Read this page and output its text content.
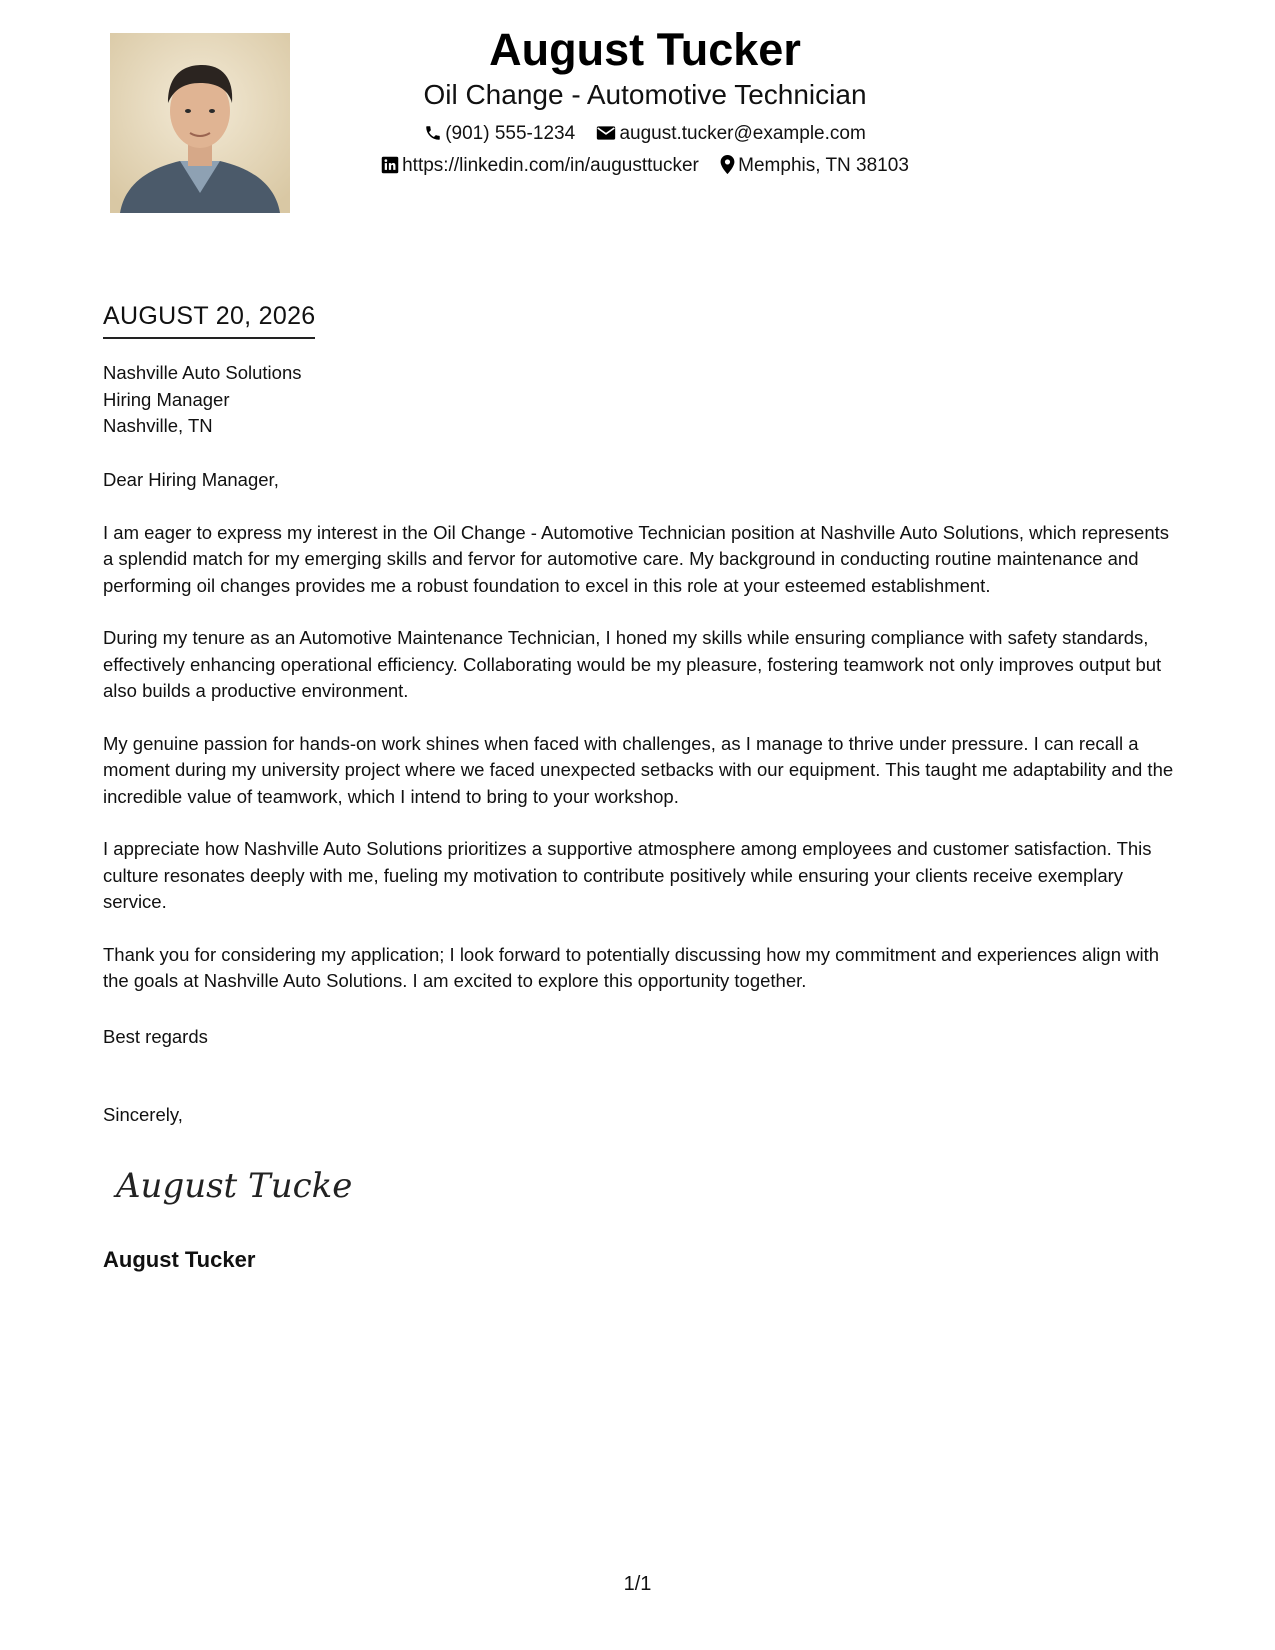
August Tucker
Oil Change - Automotive Technician
(901) 555-1234 august.tucker@example.com
https://linkedin.com/in/augusttucker Memphis, TN 38103
AUGUST 20, 2026
Nashville Auto Solutions
Hiring Manager
Nashville, TN

Dear Hiring Manager,

I am eager to express my interest in the Oil Change - Automotive Technician position at Nashville Auto Solutions, which represents a splendid match for my emerging skills and fervor for automotive care. My background in conducting routine maintenance and performing oil changes provides me a robust foundation to excel in this role at your esteemed establishment.

During my tenure as an Automotive Maintenance Technician, I honed my skills while ensuring compliance with safety standards, effectively enhancing operational efficiency. Collaborating would be my pleasure, fostering teamwork not only improves output but also builds a productive environment.

My genuine passion for hands-on work shines when faced with challenges, as I manage to thrive under pressure. I can recall a moment during my university project where we faced unexpected setbacks with our equipment. This taught me adaptability and the incredible value of teamwork, which I intend to bring to your workshop.

I appreciate how Nashville Auto Solutions prioritizes a supportive atmosphere among employees and customer satisfaction. This culture resonates deeply with me, fueling my motivation to contribute positively while ensuring your clients receive exemplary service.

Thank you for considering my application; I look forward to potentially discussing how my commitment and experiences align with the goals at Nashville Auto Solutions. I am excited to explore this opportunity together.

Best regards
Sincerely,
August Tucker
August Tucker
1/1
